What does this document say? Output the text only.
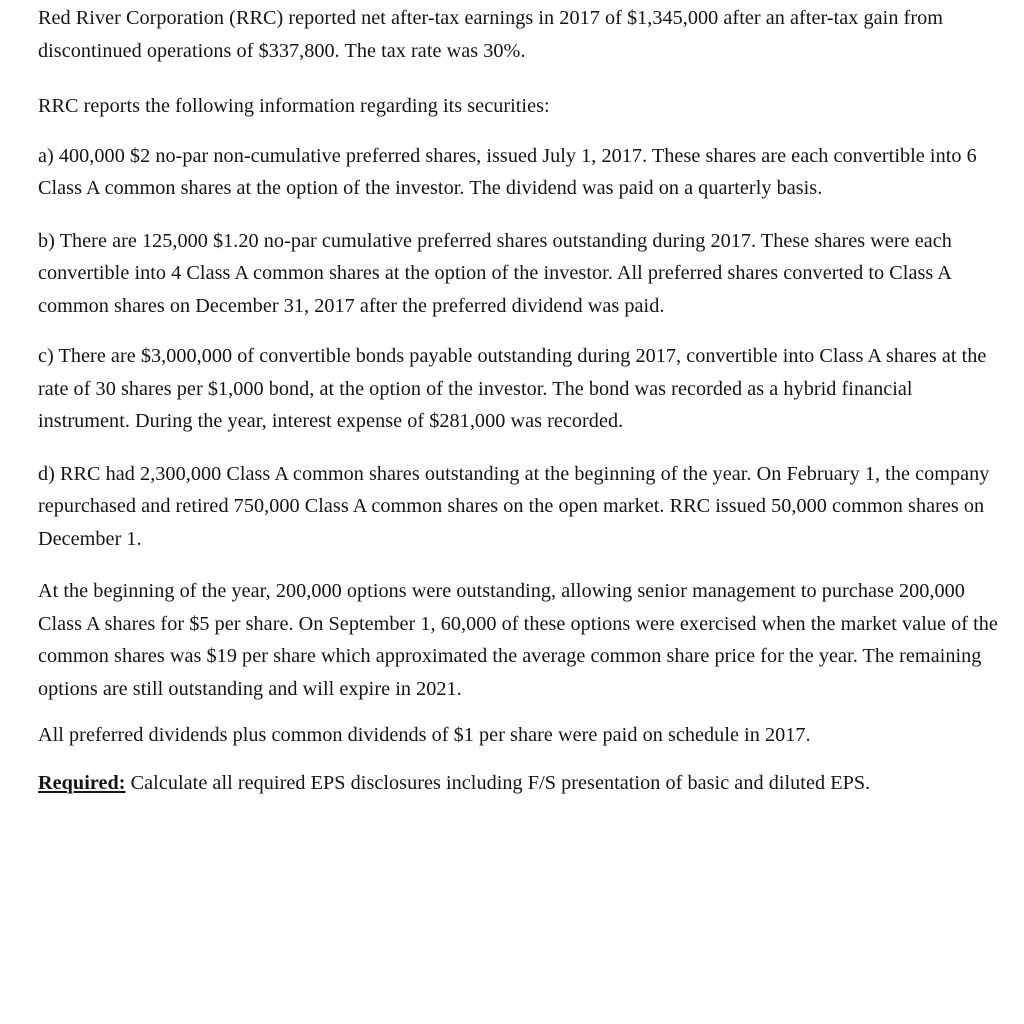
Red River Corporation (RRC) reported net after-tax earnings in 2017 of $1,345,000 after an after-tax gain from discontinued operations of $337,800. The tax rate was 30%.

RRC reports the following information regarding its securities:

a) 400,000 $2 no-par non-cumulative preferred shares, issued July 1, 2017. These shares are each convertible into 6 Class A common shares at the option of the investor. The dividend was paid on a quarterly basis.

b) There are 125,000 $1.20 no-par cumulative preferred shares outstanding during 2017. These shares were each convertible into 4 Class A common shares at the option of the investor. All preferred shares converted to Class A common shares on December 31, 2017 after the preferred dividend was paid.

c) There are $3,000,000 of convertible bonds payable outstanding during 2017, convertible into Class A shares at the rate of 30 shares per $1,000 bond, at the option of the investor. The bond was recorded as a hybrid financial instrument. During the year, interest expense of $281,000 was recorded.

d) RRC had 2,300,000 Class A common shares outstanding at the beginning of the year. On February 1, the company repurchased and retired 750,000 Class A common shares on the open market. RRC issued 50,000 common shares on December 1.

At the beginning of the year, 200,000 options were outstanding, allowing senior management to purchase 200,000 Class A shares for $5 per share. On September 1, 60,000 of these options were exercised when the market value of the common shares was $19 per share which approximated the average common share price for the year. The remaining options are still outstanding and will expire in 2021.

All preferred dividends plus common dividends of $1 per share were paid on schedule in 2017.

Required: Calculate all required EPS disclosures including F/S presentation of basic and diluted EPS.
